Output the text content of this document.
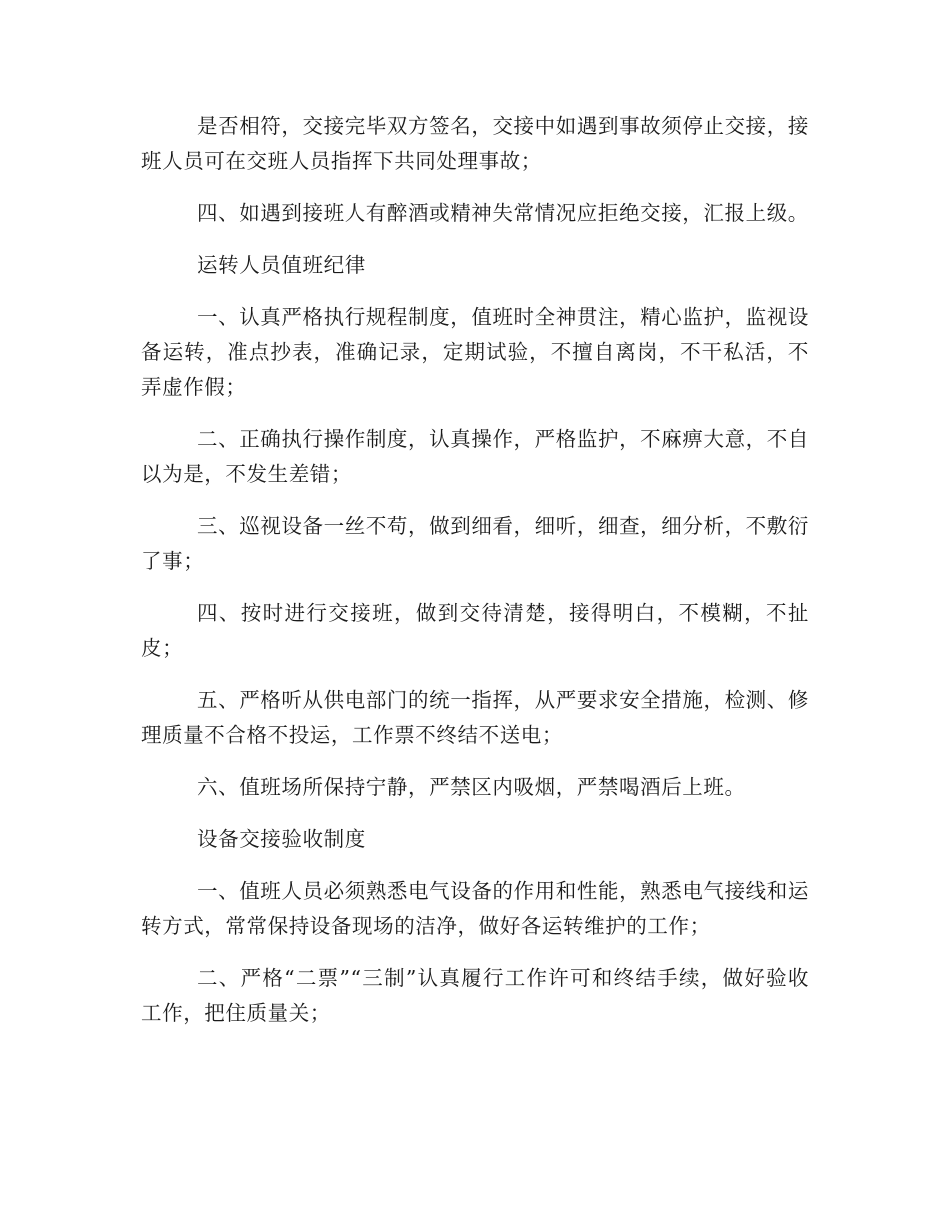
是否相符，交接完毕双方签名，交接中如遇到事故须停止交接，接班人员可在交班人员指挥下共同处理事故；

四、如遇到接班人有醉酒或精神失常情况应拒绝交接，汇报上级。

运转人员值班纪律

一、认真严格执行规程制度，值班时全神贯注，精心监护，监视设备运转，准点抄表，准确记录，定期试验，不擅自离岗，不干私活，不弄虚作假；

二、正确执行操作制度，认真操作，严格监护，不麻痹大意，不自以为是，不发生差错；

三、巡视设备一丝不苟，做到细看，细听，细查，细分析，不敷衍了事；

四、按时进行交接班，做到交待清楚，接得明白，不模糊，不扯皮；

五、严格听从供电部门的统一指挥，从严要求安全措施，检测、修理质量不合格不投运，工作票不终结不送电；

六、值班场所保持宁静，严禁区内吸烟，严禁喝酒后上班。

设备交接验收制度

一、值班人员必须熟悉电气设备的作用和性能，熟悉电气接线和运转方式，常常保持设备现场的洁净，做好各运转维护的工作；

二、严格“二票”“三制”认真履行工作许可和终结手续，做好验收工作，把住质量关；
